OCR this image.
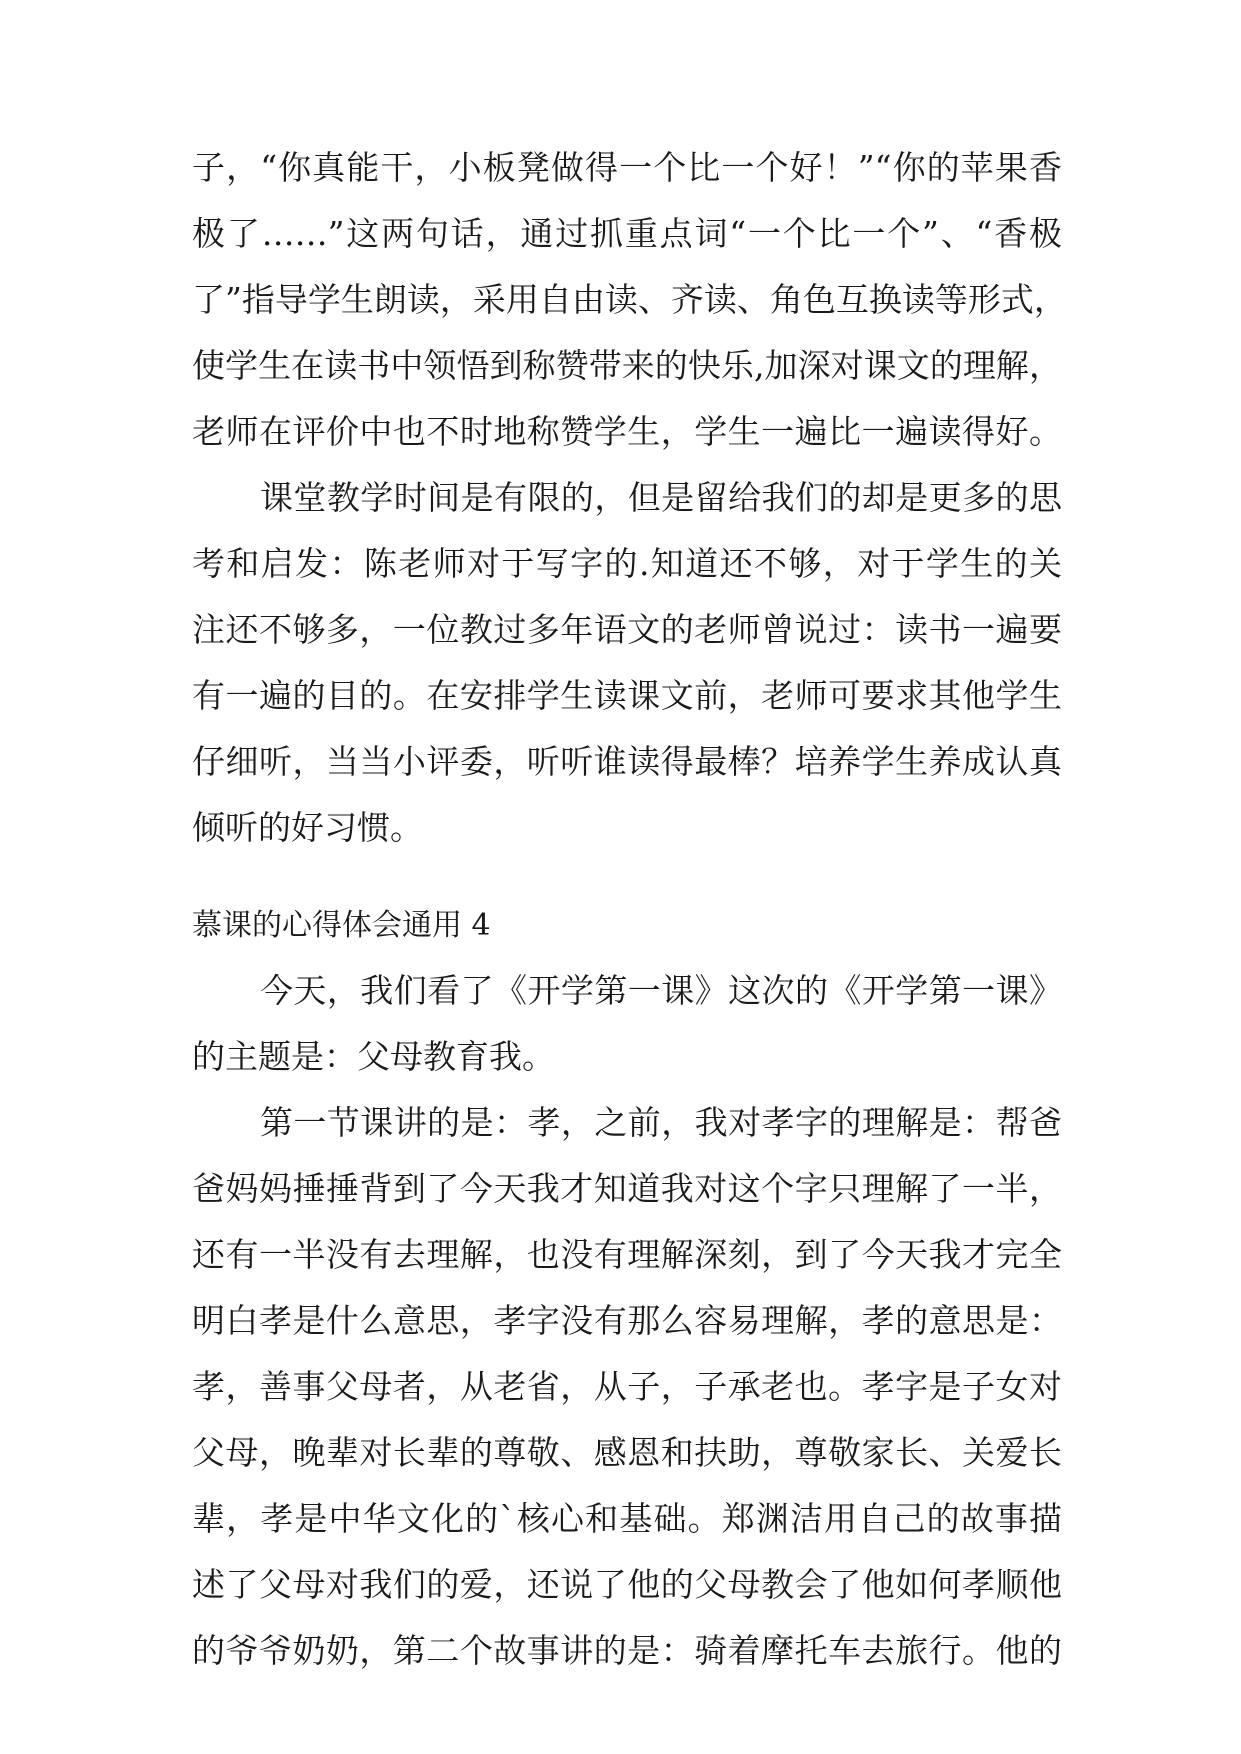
子，“你真能干，小板凳做得一个比一个好！”“你的苹果香
极了……”这两句话，通过抓重点词“一个比一个”、“香极
了”指导学生朗读，采用自由读、齐读、角色互换读等形式，
使学生在读书中领悟到称赞带来的快乐,加深对课文的理解，
老师在评价中也不时地称赞学生，学生一遍比一遍读得好。
课堂教学时间是有限的，但是留给我们的却是更多的思
考和启发：陈老师对于写字的.知道还不够，对于学生的关
注还不够多，一位教过多年语文的老师曾说过：读书一遍要
有一遍的目的。在安排学生读课文前，老师可要求其他学生
仔细听，当当小评委，听听谁读得最棒？培养学生养成认真
倾听的好习惯。
慕课的心得体会通用 4
今天，我们看了《开学第一课》这次的《开学第一课》
的主题是：父母教育我。
第一节课讲的是：孝，之前，我对孝字的理解是：帮爸
爸妈妈捶捶背到了今天我才知道我对这个字只理解了一半，
还有一半没有去理解，也没有理解深刻，到了今天我才完全
明白孝是什么意思，孝字没有那么容易理解，孝的意思是：
孝，善事父母者，从老省，从子，子承老也。孝字是子女对
父母，晚辈对长辈的尊敬、感恩和扶助，尊敬家长、关爱长
辈，孝是中华文化的`核心和基础。郑渊洁用自己的故事描
述了父母对我们的爱，还说了他的父母教会了他如何孝顺他
的爷爷奶奶，第二个故事讲的是：骑着摩托车去旅行。他的
